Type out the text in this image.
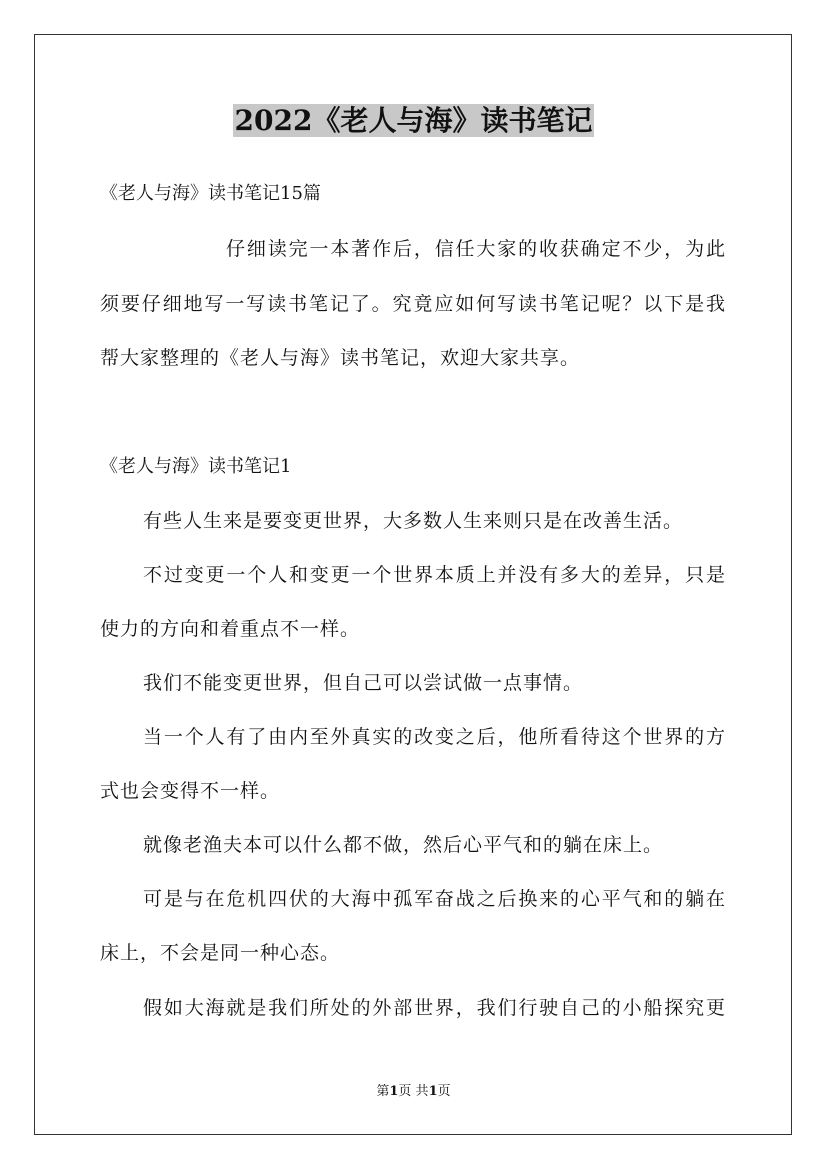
2022《老人与海》读书笔记
《老人与海》读书笔记15篇
仔细读完一本著作后，信任大家的收获确定不少，为此
须要仔细地写一写读书笔记了。究竟应如何写读书笔记呢？以下是我
帮大家整理的《老人与海》读书笔记，欢迎大家共享。
《老人与海》读书笔记1
有些人生来是要变更世界，大多数人生来则只是在改善生活。
不过变更一个人和变更一个世界本质上并没有多大的差异，只是
使力的方向和着重点不一样。
我们不能变更世界，但自己可以尝试做一点事情。
当一个人有了由内至外真实的改变之后，他所看待这个世界的方
式也会变得不一样。
就像老渔夫本可以什么都不做，然后心平气和的躺在床上。
可是与在危机四伏的大海中孤军奋战之后换来的心平气和的躺在
床上，不会是同一种心态。
假如大海就是我们所处的外部世界，我们行驶自己的小船探究更
第1页 共1页
